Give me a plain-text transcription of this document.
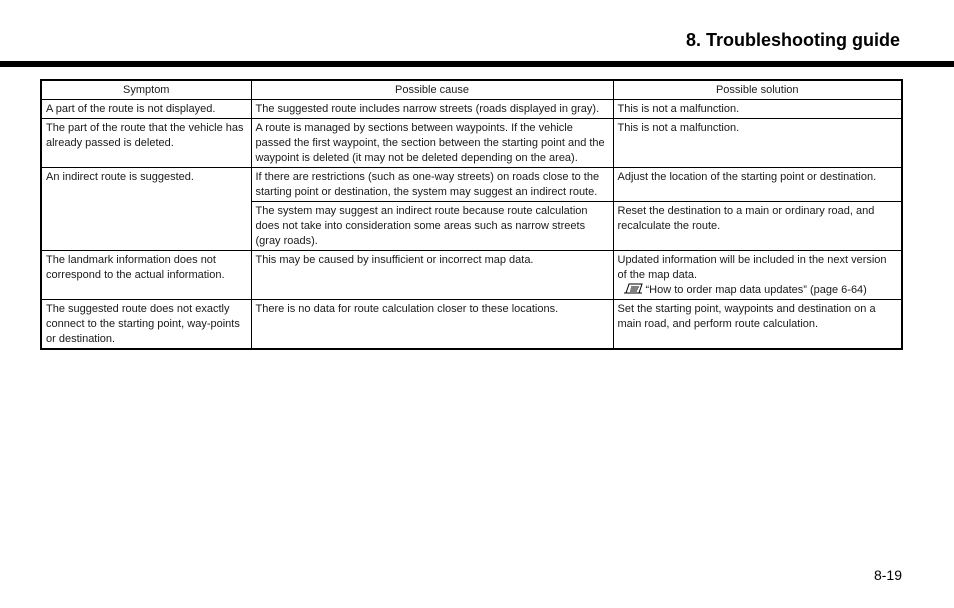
8. Troubleshooting guide
Symptom	Possible cause	Possible solution
A part of the route is not displayed.	The suggested route includes narrow streets (roads displayed in gray).	This is not a malfunction.
The part of the route that the vehicle has already passed is deleted.	A route is managed by sections between waypoints. If the vehicle passed the first waypoint, the section between the starting point and the waypoint is deleted (it may not be deleted depending on the area).	This is not a malfunction.
An indirect route is suggested.	If there are restrictions (such as one-way streets) on roads close to the starting point or destination, the system may suggest an indirect route.	Adjust the location of the starting point or destination.
	The system may suggest an indirect route because route calculation does not take into consideration some areas such as narrow streets (gray roads).	Reset the destination to a main or ordinary road, and recalculate the route.
The landmark information does not correspond to the actual information.	This may be caused by insufficient or incorrect map data.	Updated information will be included in the next version of the map data.
“How to order map data updates” (page 6-64)

The suggested route does not exactly connect to the starting point, way-points or destination.	There is no data for route calculation closer to these locations.	Set the starting point, waypoints and destination on a main road, and perform route calculation.
8-19
